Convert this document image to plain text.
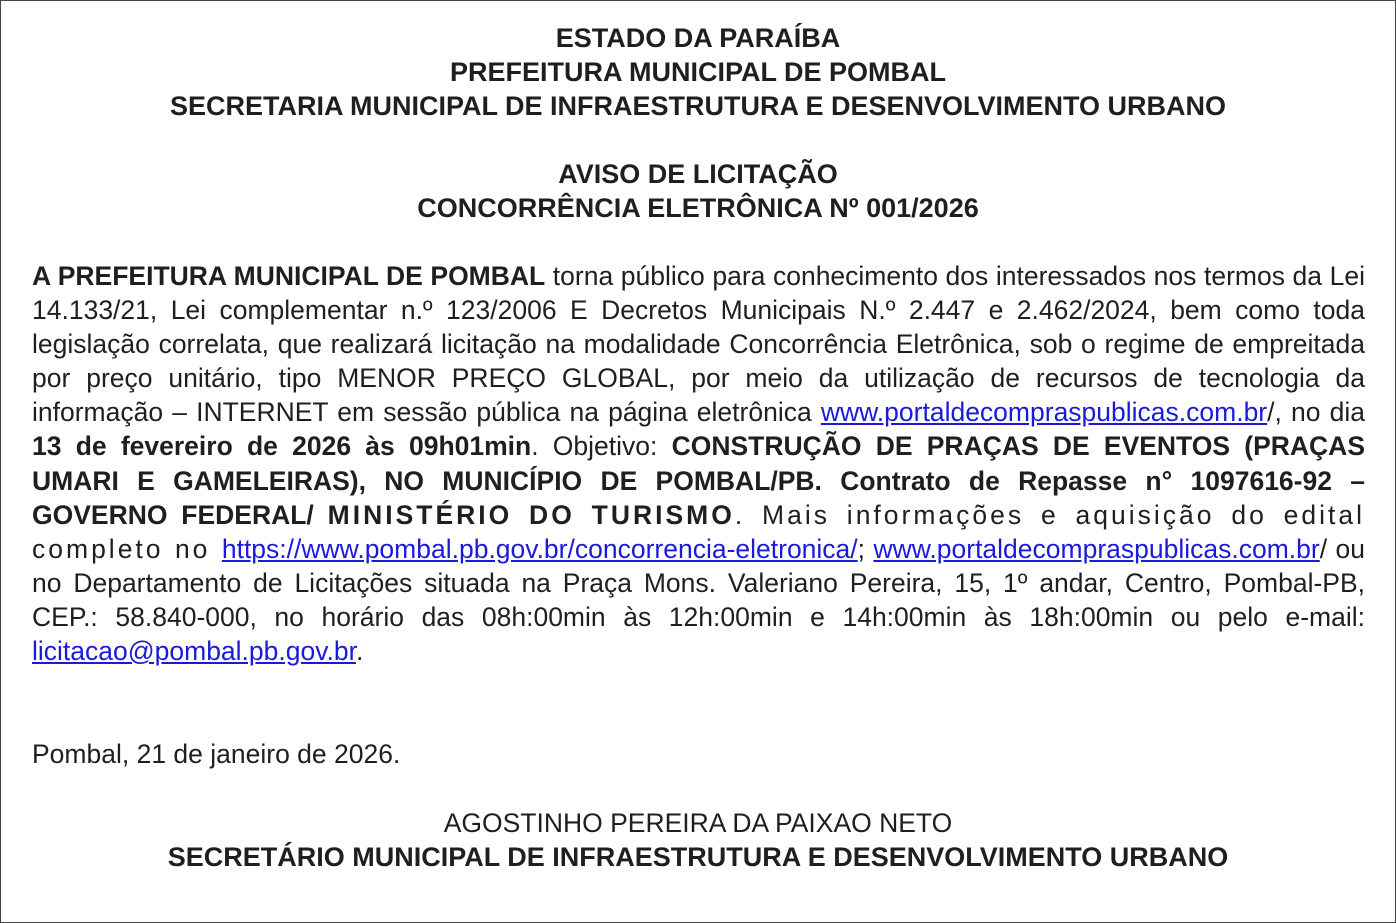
ESTADO DA PARAÍBA
PREFEITURA MUNICIPAL DE POMBAL
SECRETARIA MUNICIPAL DE INFRAESTRUTURA E DESENVOLVIMENTO URBANO
AVISO DE LICITAÇÃO
CONCORRÊNCIA ELETRÔNICA Nº 001/2026
A PREFEITURA MUNICIPAL DE POMBAL torna público para conhecimento dos interessados nos termos da Lei 14.133/21, Lei complementar n.º 123/2006 E Decretos Municipais N.º 2.447 e 2.462/2024, bem como toda legislação correlata, que realizará licitação na modalidade Concorrência Eletrônica, sob o regime de empreitada por preço unitário, tipo MENOR PREÇO GLOBAL, por meio da utilização de recursos de tecnologia da informação – INTERNET em sessão pública na página eletrônica www.portaldecompraspublicas.com.br/, no dia 13 de fevereiro de 2026 às 09h01min. Objetivo: CONSTRUÇÃO DE PRAÇAS DE EVENTOS (PRAÇAS UMARI E GAMELEIRAS), NO MUNICÍPIO DE POMBAL/PB. Contrato de Repasse n° 1097616-92 – GOVERNO FEDERAL/ MINISTÉRIO DO TURISMO. Mais informações e aquisição do edital completo no https://www.pombal.pb.gov.br/concorrencia-eletronica/; www.portaldecompraspublicas.com.br/ ou no Departamento de Licitações situada na Praça Mons. Valeriano Pereira, 15, 1º andar, Centro, Pombal-PB, CEP.: 58.840-000, no horário das 08h:00min às 12h:00min e 14h:00min às 18h:00min ou pelo e-mail: licitacao@pombal.pb.gov.br.
Pombal, 21 de janeiro de 2026.
AGOSTINHO PEREIRA DA PAIXAO NETO
SECRETÁRIO MUNICIPAL DE INFRAESTRUTURA E DESENVOLVIMENTO URBANO
